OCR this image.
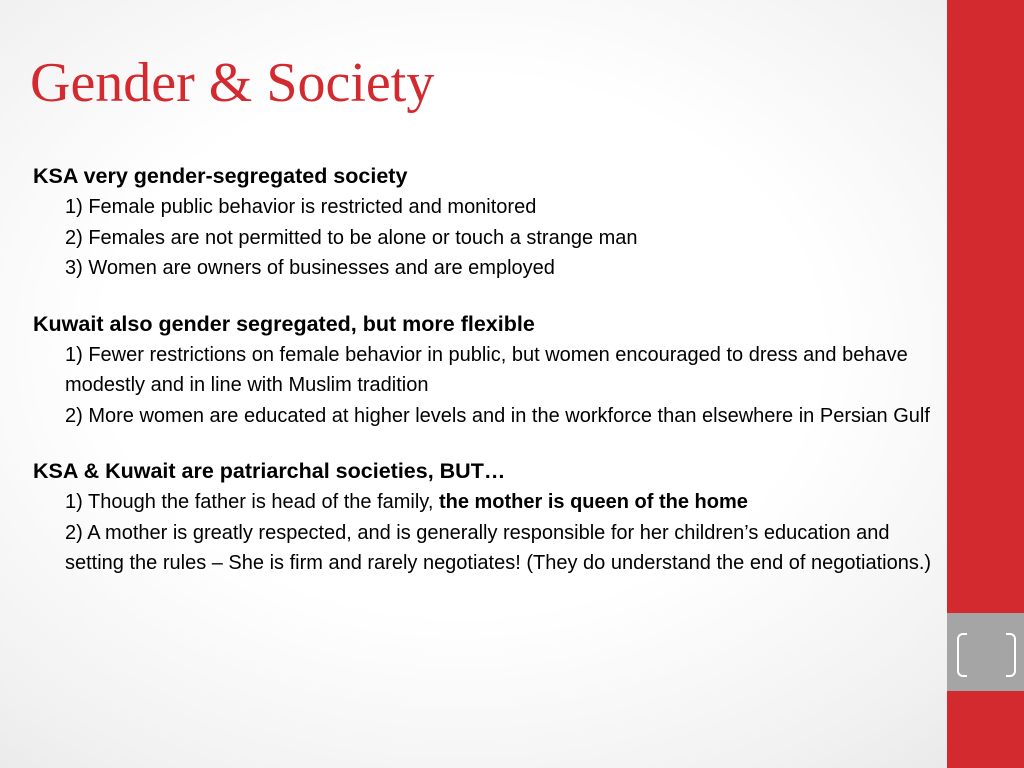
Gender & Society
KSA very gender-segregated society
1) Female public behavior is restricted and monitored
2) Females are not permitted to be alone or touch a strange man
3) Women are owners of businesses and are employed
Kuwait also gender segregated, but more flexible
1) Fewer restrictions on female behavior in public, but women encouraged to dress and behave modestly and in line with Muslim tradition
2) More women are educated at higher levels and in the workforce than elsewhere in Persian Gulf
KSA & Kuwait are patriarchal societies, BUT…
1) Though the father is head of the family, the mother is queen of the home
2) A mother is greatly respected, and is generally responsible for her children’s education and setting the rules – She is firm and rarely negotiates! (They do understand the end of negotiations.)
